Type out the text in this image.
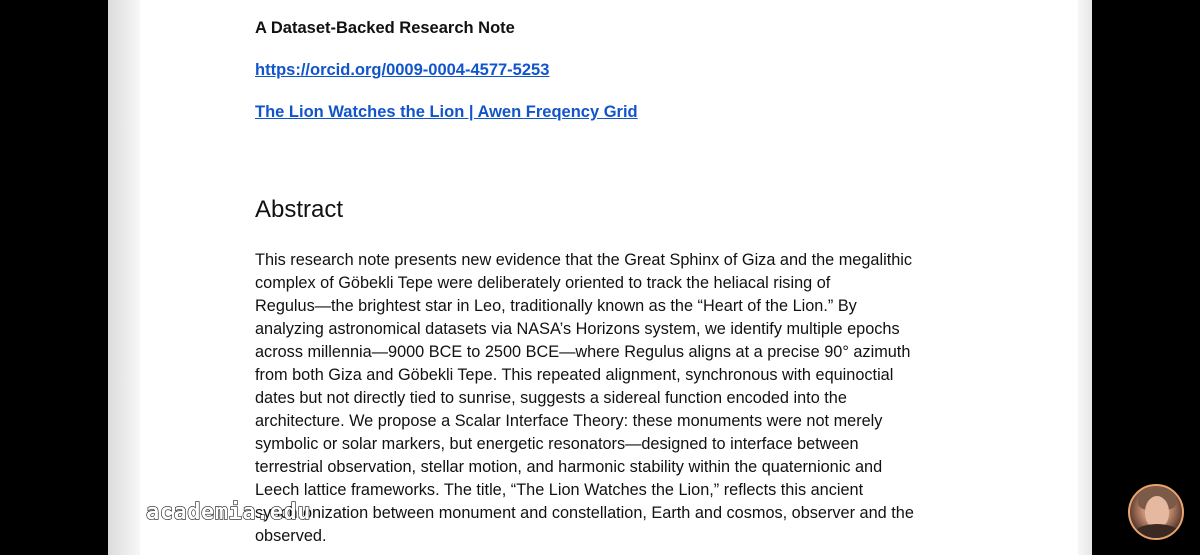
A Dataset-Backed Research Note
https://orcid.org/0009-0004-4577-5253
The Lion Watches the Lion | Awen Freqency Grid
Abstract

This research note presents new evidence that the Great Sphinx of Giza and the megalithic
complex of Göbekli Tepe were deliberately oriented to track the heliacal rising of
Regulus—the brightest star in Leo, traditionally known as the “Heart of the Lion.” By
analyzing astronomical datasets via NASA’s Horizons system, we identify multiple epochs
across millennia—9000 BCE to 2500 BCE—where Regulus aligns at a precise 90° azimuth
from both Giza and Göbekli Tepe. This repeated alignment, synchronous with equinoctial
dates but not directly tied to sunrise, suggests a sidereal function encoded into the
architecture. We propose a Scalar Interface Theory: these monuments were not merely
symbolic or solar markers, but energetic resonators—designed to interface between
terrestrial observation, stellar motion, and harmonic stability within the quaternionic and
Leech lattice frameworks. The title, “The Lion Watches the Lion,” reflects this ancient
synchronization between monument and constellation, Earth and cosmos, observer and the
observed.

academia.edu
